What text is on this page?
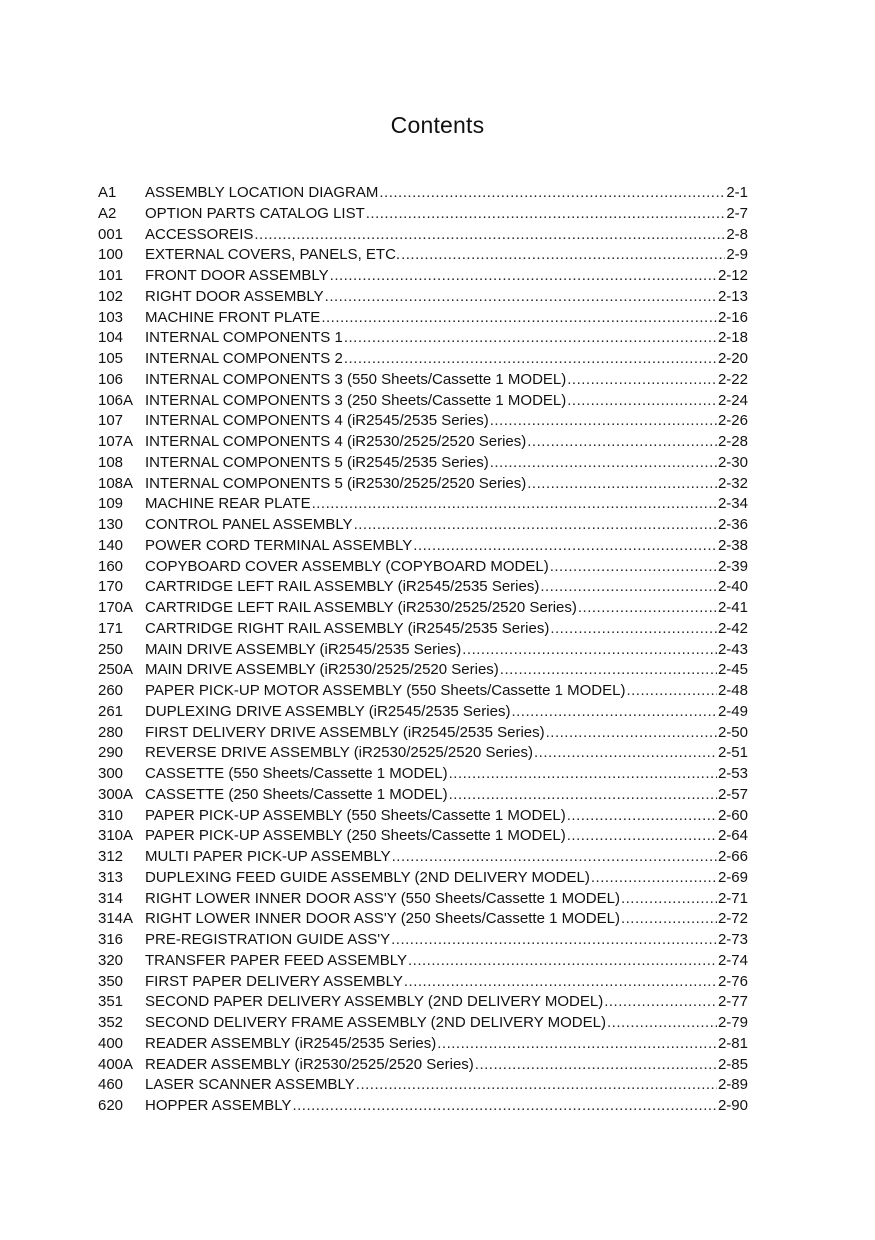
Contents
A1	ASSEMBLY LOCATION DIAGRAM .....	2-1
A2	OPTION PARTS CATALOG LIST .....	2-7
001	ACCESSOREIS .....	2-8
100	EXTERNAL COVERS, PANELS, ETC. .....	2-9
101	FRONT DOOR ASSEMBLY .....	2-12
102	RIGHT DOOR ASSEMBLY .....	2-13
103	MACHINE FRONT PLATE .....	2-16
104	INTERNAL COMPONENTS 1 .....	2-18
105	INTERNAL COMPONENTS 2 .....	2-20
106	INTERNAL COMPONENTS 3 (550 Sheets/Cassette 1 MODEL) .....	2-22
106A INTERNAL COMPONENTS 3 (250 Sheets/Cassette 1 MODEL) .....	2-24
107	INTERNAL COMPONENTS 4 (iR2545/2535 Series) .....	2-26
107A INTERNAL COMPONENTS 4 (iR2530/2525/2520 Series) .....	2-28
108	INTERNAL COMPONENTS 5 (iR2545/2535 Series) .....	2-30
108A INTERNAL COMPONENTS 5 (iR2530/2525/2520 Series) .....	2-32
109	MACHINE REAR PLATE .....	2-34
130	CONTROL PANEL ASSEMBLY .....	2-36
140	POWER CORD TERMINAL ASSEMBLY .....	2-38
160	COPYBOARD COVER ASSEMBLY (COPYBOARD MODEL) .....	2-39
170	CARTRIDGE LEFT RAIL ASSEMBLY (iR2545/2535 Series) .....	2-40
170A CARTRIDGE LEFT RAIL ASSEMBLY (iR2530/2525/2520 Series) .....	2-41
171	CARTRIDGE RIGHT RAIL ASSEMBLY (iR2545/2535 Series) .....	2-42
250	MAIN DRIVE ASSEMBLY (iR2545/2535 Series) .....	2-43
250A MAIN DRIVE ASSEMBLY (iR2530/2525/2520 Series) .....	2-45
260	PAPER PICK-UP MOTOR ASSEMBLY (550 Sheets/Cassette 1 MODEL) .....	2-48
261	DUPLEXING DRIVE ASSEMBLY (iR2545/2535 Series) .....	2-49
280	FIRST DELIVERY DRIVE ASSEMBLY (iR2545/2535 Series) .....	2-50
290	REVERSE DRIVE ASSEMBLY (iR2530/2525/2520 Series) .....	2-51
300	CASSETTE (550 Sheets/Cassette 1 MODEL) .....	2-53
300A CASSETTE (250 Sheets/Cassette 1 MODEL) .....	2-57
310	PAPER PICK-UP ASSEMBLY (550 Sheets/Cassette 1 MODEL) .....	2-60
310A PAPER PICK-UP ASSEMBLY (250 Sheets/Cassette 1 MODEL) .....	2-64
312	MULTI PAPER PICK-UP ASSEMBLY .....	2-66
313	DUPLEXING FEED GUIDE ASSEMBLY (2ND DELIVERY MODEL) .....	2-69
314	RIGHT LOWER INNER DOOR ASS'Y (550 Sheets/Cassette 1 MODEL) .....	2-71
314A RIGHT LOWER INNER DOOR ASS'Y (250 Sheets/Cassette 1 MODEL) .....	2-72
316	PRE-REGISTRATION GUIDE ASS'Y .....	2-73
320	TRANSFER PAPER FEED ASSEMBLY .....	2-74
350	FIRST PAPER DELIVERY ASSEMBLY .....	2-76
351	SECOND PAPER DELIVERY ASSEMBLY (2ND DELIVERY MODEL) .....	2-77
352	SECOND DELIVERY FRAME ASSEMBLY (2ND DELIVERY MODEL) .....	2-79
400	READER ASSEMBLY (iR2545/2535 Series) .....	2-81
400A READER ASSEMBLY (iR2530/2525/2520 Series) .....	2-85
460	LASER SCANNER ASSEMBLY .....	2-89
620	HOPPER ASSEMBLY .....	2-90
